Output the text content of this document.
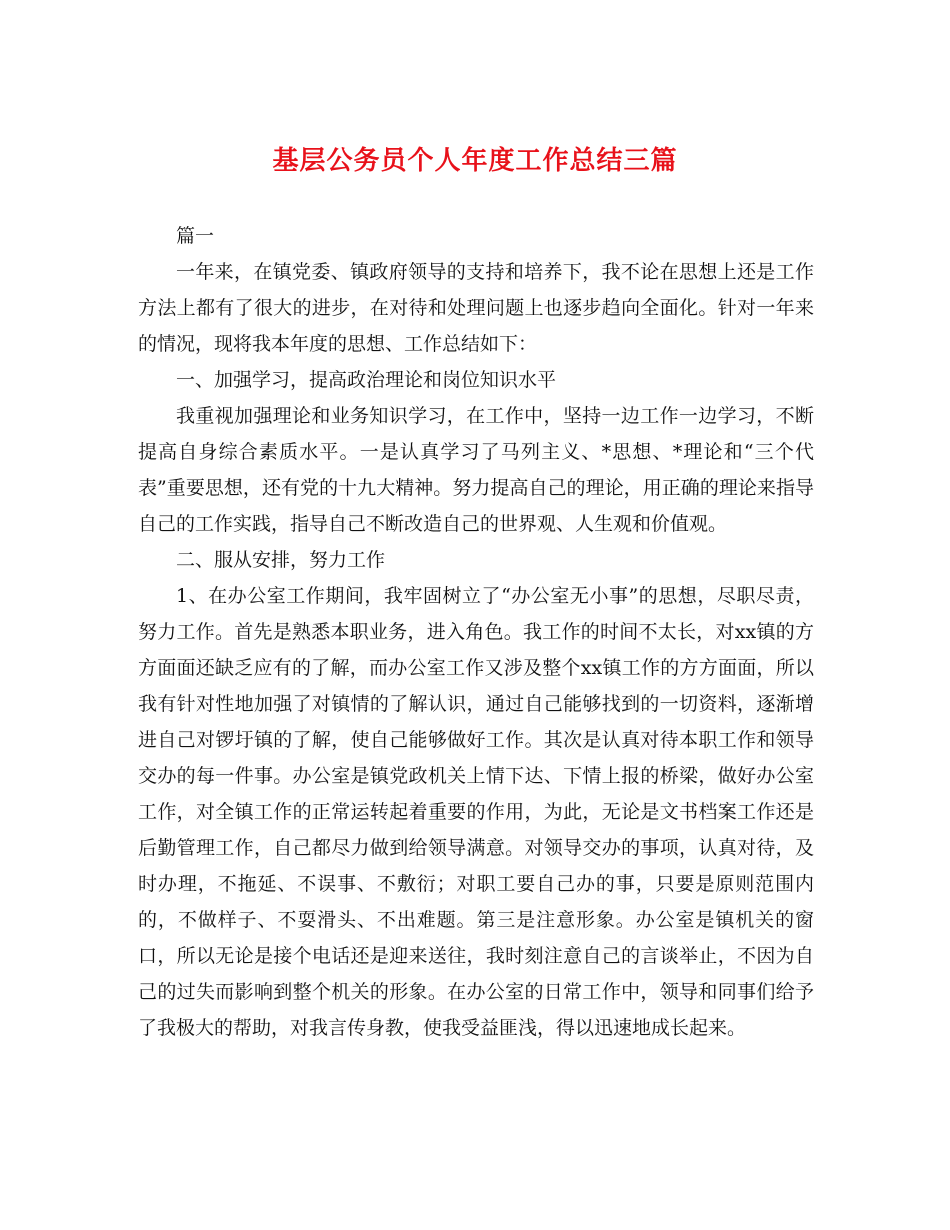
基层公务员个人年度工作总结三篇

篇一

一年来，在镇党委、镇政府领导的支持和培养下，我不论在思想上还是工作方法上都有了很大的进步，在对待和处理问题上也逐步趋向全面化。针对一年来的情况，现将我本年度的思想、工作总结如下：

一、加强学习，提高政治理论和岗位知识水平

我重视加强理论和业务知识学习，在工作中，坚持一边工作一边学习，不断提高自身综合素质水平。一是认真学习了马列主义、*思想、*理论和“三个代表”重要思想，还有党的十九大精神。努力提高自己的理论，用正确的理论来指导自己的工作实践，指导自己不断改造自己的世界观、人生观和价值观。

二、服从安排，努力工作

1、在办公室工作期间，我牢固树立了“办公室无小事”的思想，尽职尽责，努力工作。首先是熟悉本职业务，进入角色。我工作的时间不太长，对xx镇的方方面面还缺乏应有的了解，而办公室工作又涉及整个xx镇工作的方方面面，所以我有针对性地加强了对镇情的了解认识，通过自己能够找到的一切资料，逐渐增进自己对锣圩镇的了解，使自己能够做好工作。其次是认真对待本职工作和领导交办的每一件事。办公室是镇党政机关上情下达、下情上报的桥梁，做好办公室工作，对全镇工作的正常运转起着重要的作用，为此，无论是文书档案工作还是后勤管理工作，自己都尽力做到给领导满意。对领导交办的事项，认真对待，及时办理，不拖延、不误事、不敷衍；对职工要自己办的事，只要是原则范围内的，不做样子、不耍滑头、不出难题。第三是注意形象。办公室是镇机关的窗口，所以无论是接个电话还是迎来送往，我时刻注意自己的言谈举止，不因为自己的过失而影响到整个机关的形象。在办公室的日常工作中，领导和同事们给予了我极大的帮助，对我言传身教，使我受益匪浅，得以迅速地成长起来。
